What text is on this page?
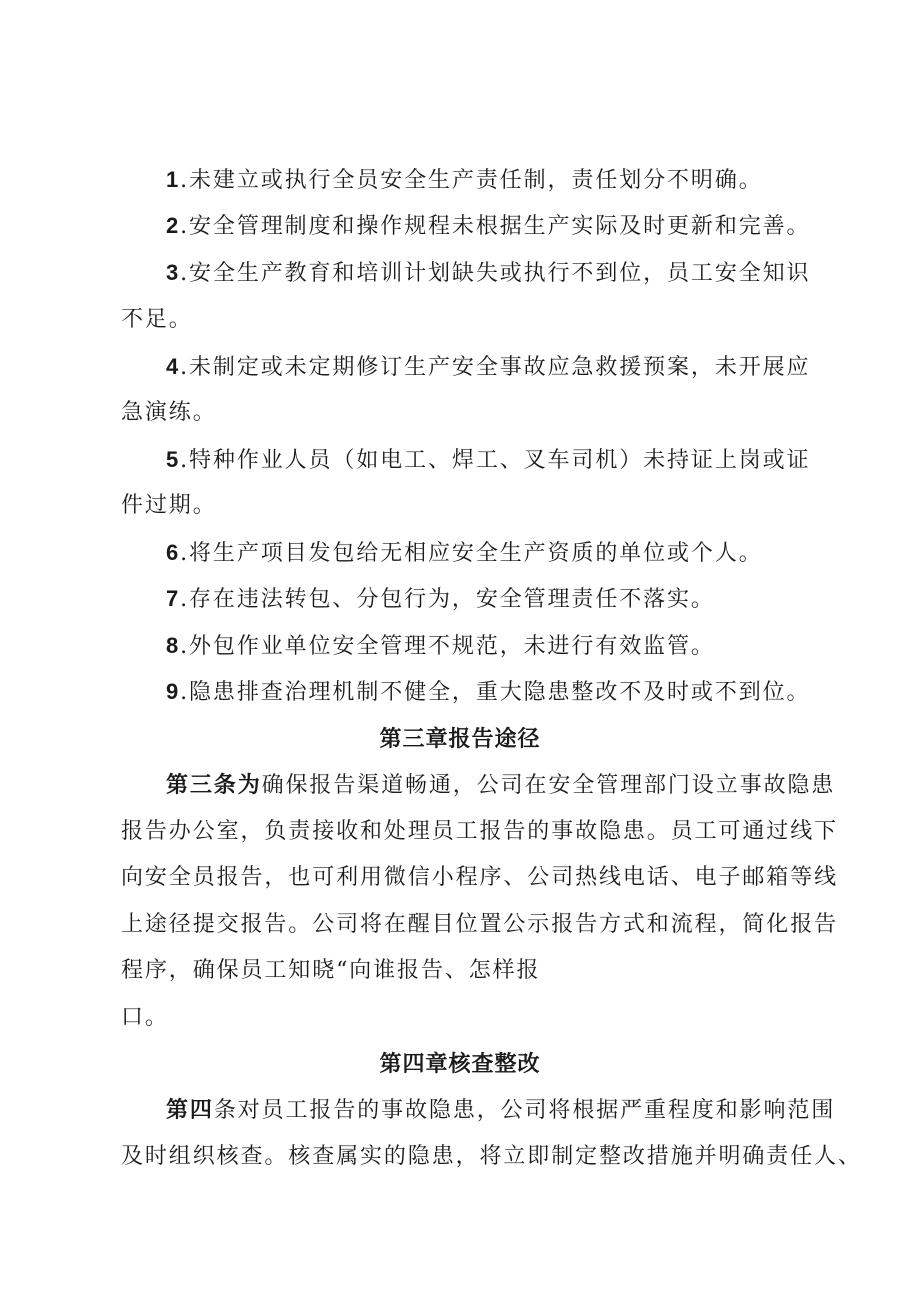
1.未建立或执行全员安全生产责任制，责任划分不明确。
2.安全管理制度和操作规程未根据生产实际及时更新和完善。
3.安全生产教育和培训计划缺失或执行不到位，员工安全知识
不足。
4.未制定或未定期修订生产安全事故应急救援预案，未开展应
急演练。
5.特种作业人员（如电工、焊工、叉车司机）未持证上岗或证
件过期。
6.将生产项目发包给无相应安全生产资质的单位或个人。
7.存在违法转包、分包行为，安全管理责任不落实。
8.外包作业单位安全管理不规范，未进行有效监管。
9.隐患排查治理机制不健全，重大隐患整改不及时或不到位。
第三章报告途径
第三条为确保报告渠道畅通，公司在安全管理部门设立事故隐患
报告办公室，负责接收和处理员工报告的事故隐患。员工可通过线下
向安全员报告，也可利用微信小程序、公司热线电话、电子邮箱等线
上途径提交报告。公司将在醒目位置公示报告方式和流程，简化报告
程序，确保员工知晓“向谁报告、怎样报
口。
第四章核查整改
第四条对员工报告的事故隐患，公司将根据严重程度和影响范围
及时组织核查。核查属实的隐患，将立即制定整改措施并明确责任人、
